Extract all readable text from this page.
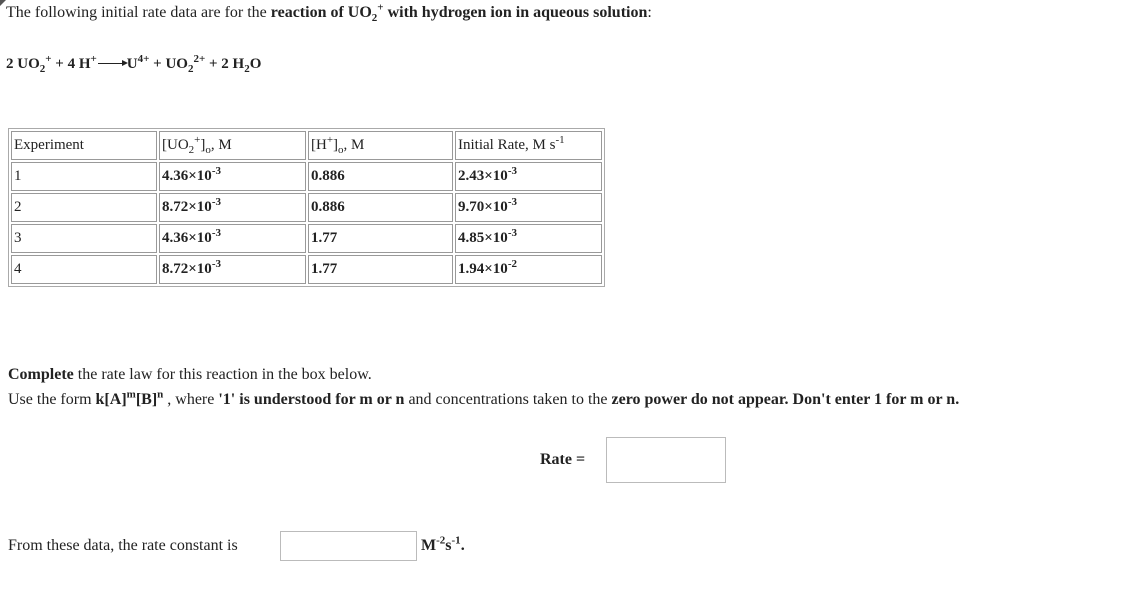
The following initial rate data are for the reaction of $UO_2^+$ with hydrogen ion in aqueous solution:
2 $UO_2^+ + 4$ $H^+\to U^{4+} + UO_2^{2+} + 2$ $H_2O$
Experiment	$[UO_2^+]_o$, M	$[H^+]_o$, M	Initial Rate, M $s^{-1}$
1	$4.36\times 10^{-3}$	0.886	$2.43\times 10^{-3}$
2	$8.72\times 10^{-3}$	0.886	$9.70\times 10^{-3}$
3	$4.36\times 10^{-3}$	1.77	$4.85\times 10^{-3}$
4	$8.72\times 10^{-3}$	1.77	$1.94\times 10^{-2}$
Complete the rate law for this reaction in the box below.
Use the form $k[A]^m[B]^n$ , where '1' is understood for m or n and concentrations taken to the zero power do not appear. Don't enter 1 for m or n.
Rate =
From these data, the rate constant is	$M^{-2}s^{-1}$.
